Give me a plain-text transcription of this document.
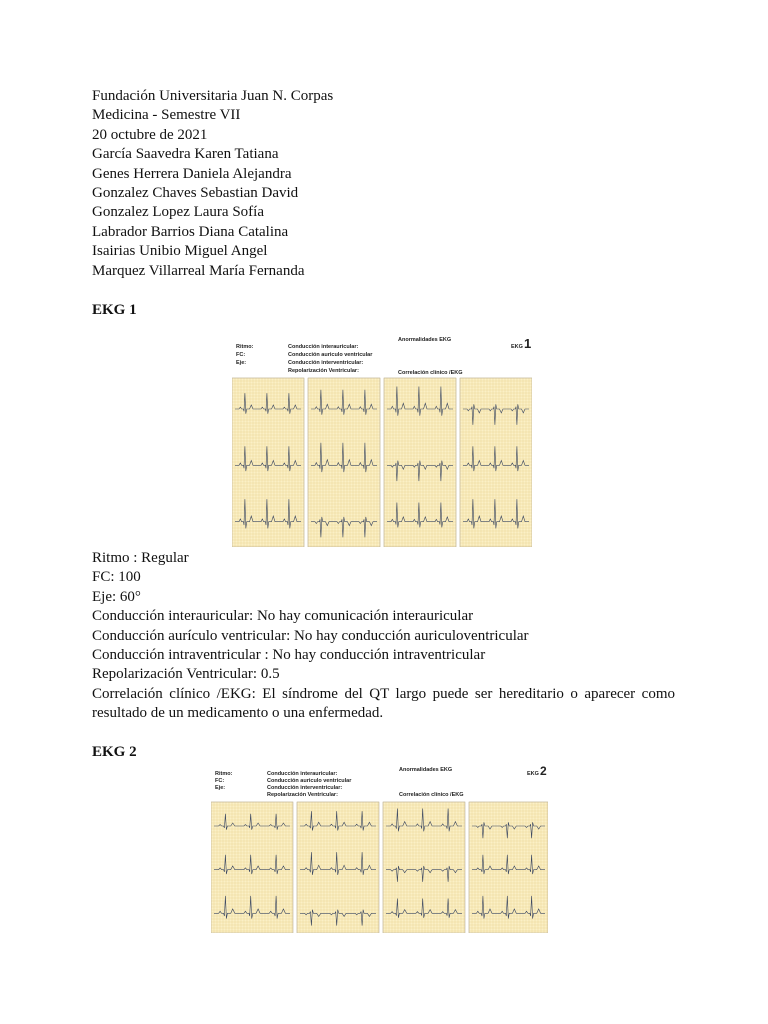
Fundación Universitaria Juan N. Corpas
Medicina - Semestre VII
20 octubre de 2021
García Saavedra Karen Tatiana
Genes Herrera Daniela Alejandra
Gonzalez Chaves Sebastian David
Gonzalez Lopez Laura Sofía
Labrador Barrios Diana Catalina
Isairias Unibio Miguel Angel
Marquez Villarreal María Fernanda
EKG 1
Ritmo:
FC:
Eje:
Conducción interauricular:
Conducción auriculo ventricular
Conducción interventricular:
Repolarización Ventricular:
Anormalidades EKG
Correlación clínico /EKG
EKG 1
Ritmo : Regular
FC: 100
Eje: 60°
Conducción interauricular: No hay comunicación interauricular
Conducción aurículo ventricular: No hay conducción auriculoventricular
Conducción intraventricular : No hay conducción intraventricular
Repolarización Ventricular: 0.5
Correlación clínico /EKG: El síndrome del QT largo puede ser hereditario o aparecer como
resultado de un medicamento o una enfermedad.
EKG 2
Ritmo:
FC:
Eje:
Conducción interauricular:
Conducción auriculo ventricular
Conducción interventricular:
Repolarización Ventricular:
Anormalidades EKG
Correlación clínico /EKG
EKG 2
